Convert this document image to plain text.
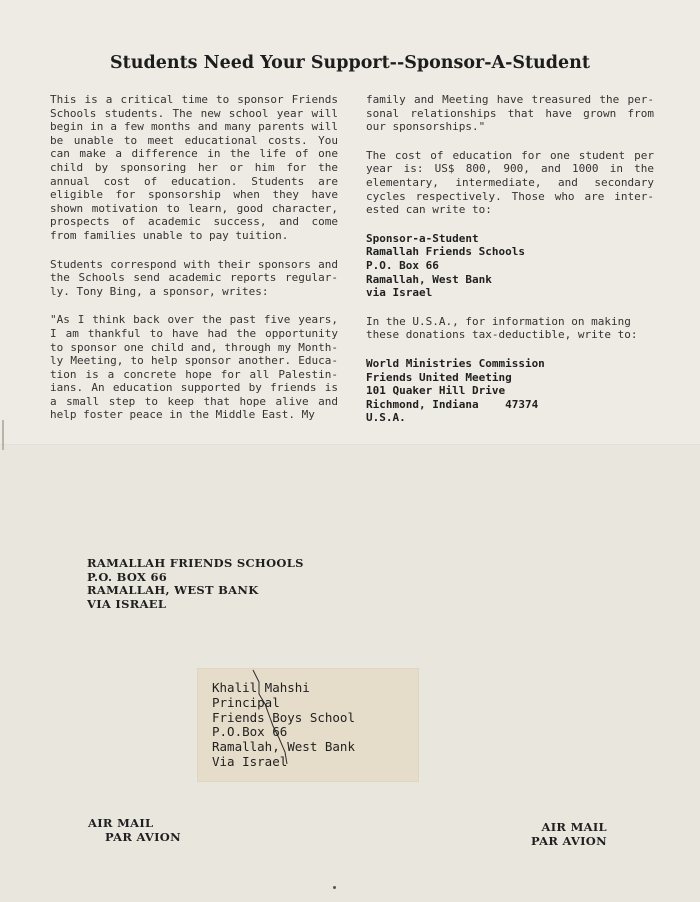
Students Need Your Support--Sponsor-A-Student

This is a critical time to sponsor Friends Schools students. The new school year will begin in a few months and many parents will be unable to meet educational costs. You can make a difference in the life of one child by sponsoring her or him for the annual cost of education. Students are eligible for sponsorship when they have shown motivation to learn, good character, prospects of academic success, and come from families unable to pay tuition.

Students correspond with their sponsors and the Schools send academic reports regular-ly. Tony Bing, a sponsor, writes:

"As I think back over the past five years, I am thankful to have had the opportunity to sponsor one child and, through my Month-ly Meeting, to help sponsor another. Educa-tion is a concrete hope for all Palestin-ians. An education supported by friends is a small step to keep that hope alive and help foster peace in the Middle East. My

family and Meeting have treasured the per-sonal relationships that have grown from our sponsorships."

The cost of education for one student per year is: US$ 800, 900, and 1000 in the elementary, intermediate, and secondary cycles respectively. Those who are inter-ested can write to:

Sponsor-a-Student
Ramallah Friends Schools
P.O. Box 66
Ramallah, West Bank
via Israel

In the U.S.A., for information on making these donations tax-deductible, write to:

World Ministries Commission
Friends United Meeting
101 Quaker Hill Drive
Richmond, Indiana    47374
U.S.A.
RAMALLAH FRIENDS SCHOOLS
P.O. BOX 66
RAMALLAH, WEST BANK
VIA ISRAEL
Khalil Mahshi
Principal
Friends Boys School
P.O.Box 66
Ramallah, West Bank
Via Israel
AIR MAIL
PAR AVION
AIR MAIL
PAR AVION
